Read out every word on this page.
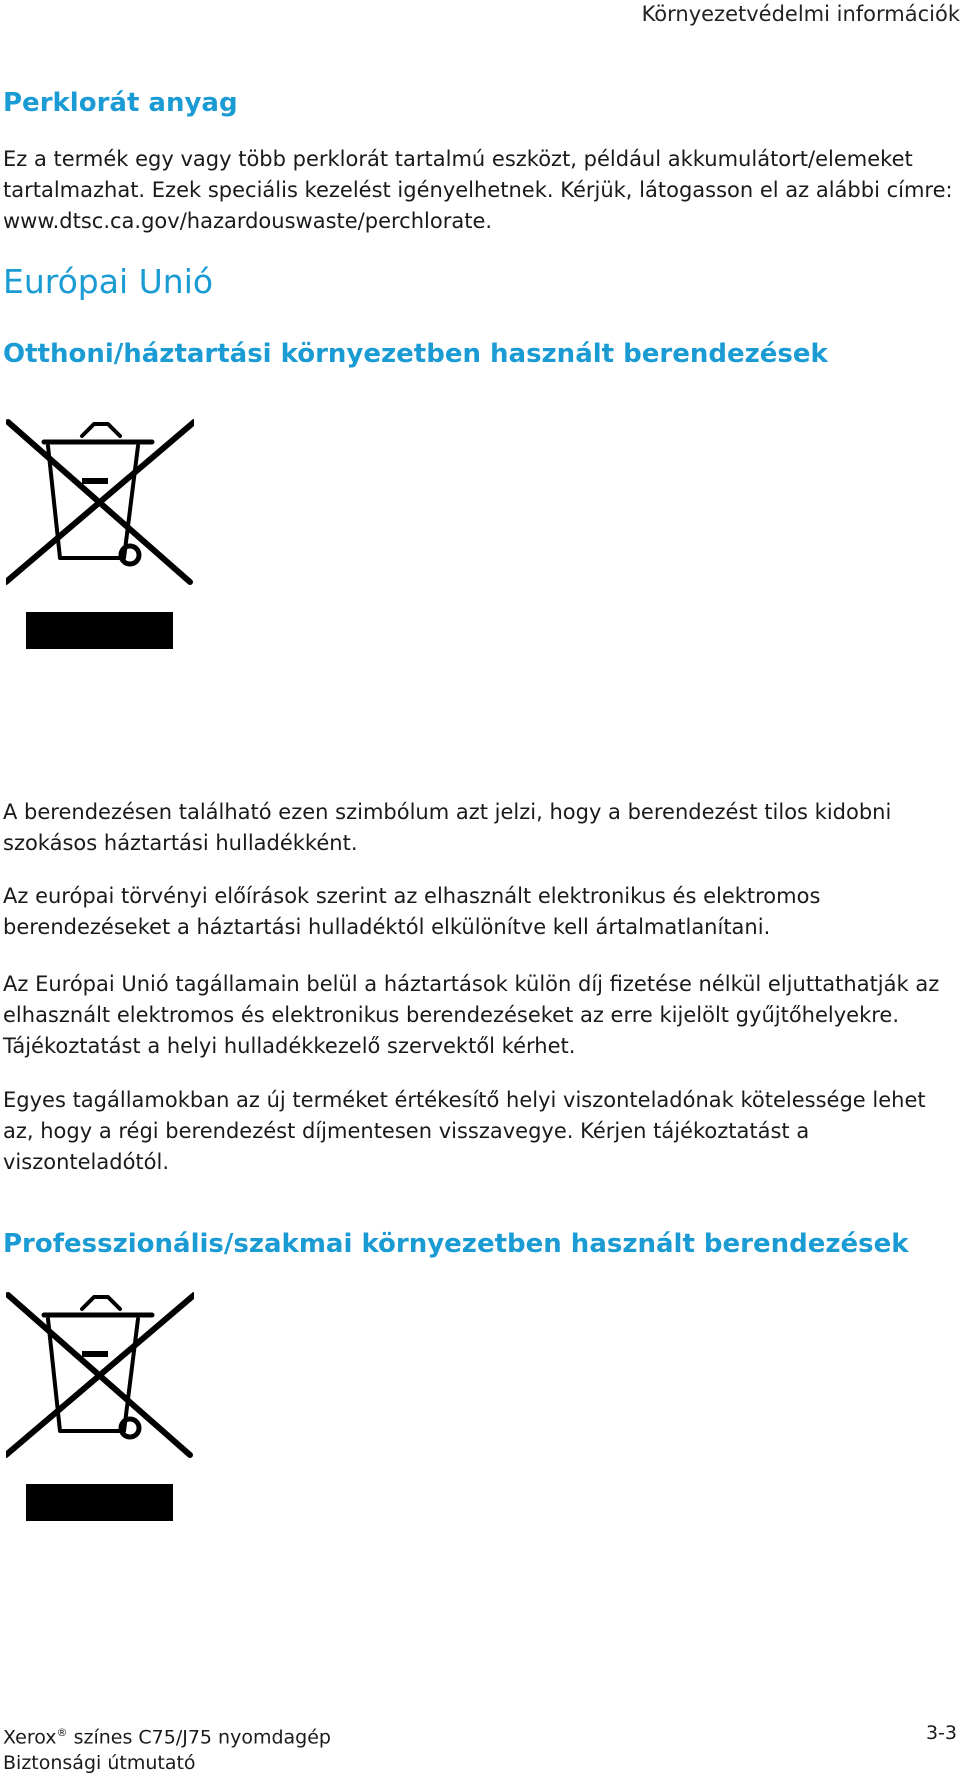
Környezetvédelmi információk
Perklorát anyag

Ez a termék egy vagy több perklorát tartalmú eszközt, például akkumulátort/elemeket tartalmazhat. Ezek speciális kezelést igényelhetnek. Kérjük, látogasson el az alábbi címre: www.dtsc.ca.gov/hazardouswaste/perchlorate.

Európai Unió
Otthoni/háztartási környezetben használt berendezések

A berendezésen található ezen szimbólum azt jelzi, hogy a berendezést tilos kidobni szokásos háztartási hulladékként.

Az európai törvényi előírások szerint az elhasznált elektronikus és elektromos berendezéseket a háztartási hulladéktól elkülönítve kell ártalmatlanítani.

Az Európai Unió tagállamain belül a háztartások külön díj fizetése nélkül eljuttathatják az elhasznált elektromos és elektronikus berendezéseket az erre kijelölt gyűjtőhelyekre. Tájékoztatást a helyi hulladékkezelő szervektől kérhet.

Egyes tagállamokban az új terméket értékesítő helyi viszonteladónak kötelessége lehet az, hogy a régi berendezést díjmentesen visszavegye. Kérjen tájékoztatást a viszonteladótól.

Professzionális/szakmai környezetben használt berendezések
Xerox® színes C75/J75 nyomdagép
Biztonsági útmutató
3-3
